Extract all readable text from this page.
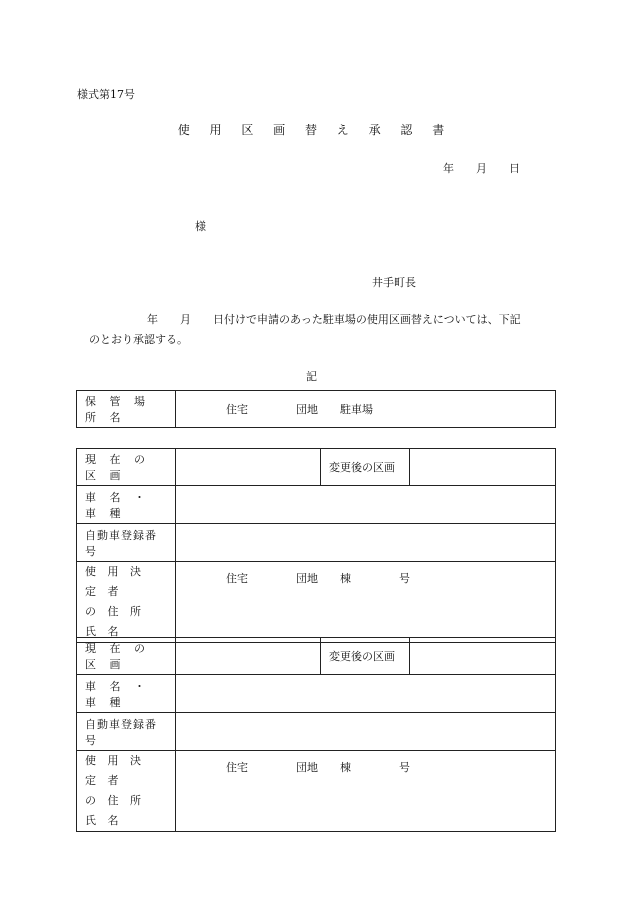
様式第17号
使 用 区 画 替 え 承 認 書
年 月 日
様
井手町長
年 月 日付けで申請のあった駐車場の使用区画替えについては、下記
のとおり承認する。
記
保 管 場 所 名	住宅	団地 駐車場
現 在 の 区 画		変更後の区画	
車 名 ・ 車 種			
自動車登録番号			

使 用 決 定 者
の 住 所 氏 名	住宅 団地 棟 号		
現 在 の 区 画		変更後の区画	
車 名 ・ 車 種			
自動車登録番号			

使 用 決 定 者
の 住 所 氏 名	住宅 団地 棟 号		
